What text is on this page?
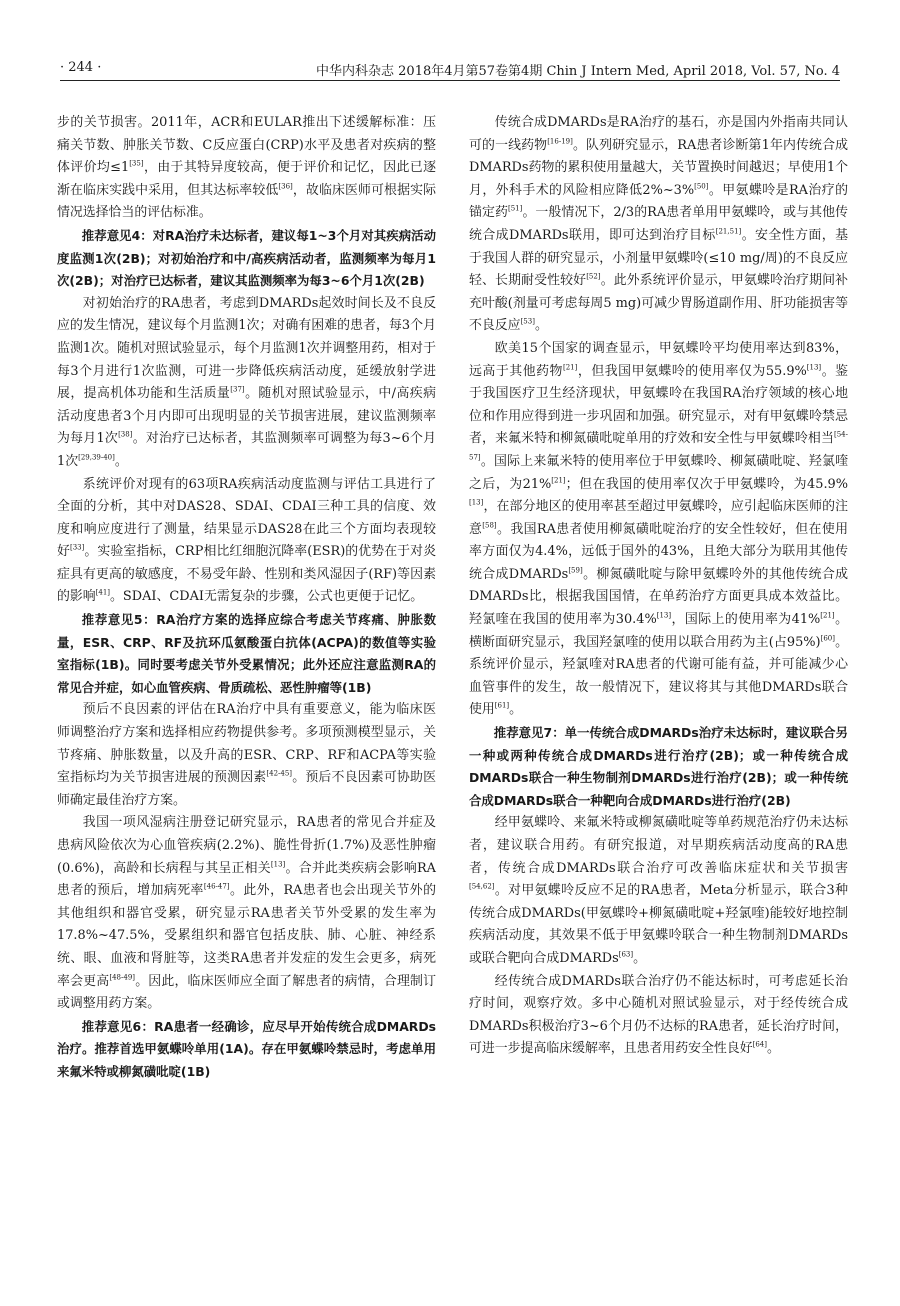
· 244 ·	中华内科杂志 2018年4月第57卷第4期 Chin J Intern Med, April 2018, Vol. 57, No. 4

步的关节损害。2011年，ACR和EULAR推出下述缓解标准：压痛关节数、肿胀关节数、C反应蛋白(CRP)水平及患者对疾病的整体评价均≤1[35]，由于其特异度较高，便于评价和记忆，因此已逐渐在临床实践中采用，但其达标率较低[36]，故临床医师可根据实际情况选择恰当的评估标准。

推荐意见4：对RA治疗未达标者，建议每1~3个月对其疾病活动度监测1次(2B)；对初始治疗和中/高疾病活动者，监测频率为每月1次(2B)；对治疗已达标者，建议其监测频率为每3~6个月1次(2B)

对初始治疗的RA患者，考虑到DMARDs起效时间长及不良反应的发生情况，建议每个月监测1次；对确有困难的患者，每3个月监测1次。随机对照试验显示，每个月监测1次并调整用药，相对于每3个月进行1次监测，可进一步降低疾病活动度，延缓放射学进展，提高机体功能和生活质量[37]。随机对照试验显示，中/高疾病活动度患者3个月内即可出现明显的关节损害进展，建议监测频率为每月1次[38]。对治疗已达标者，其监测频率可调整为每3~6个月1次[29,39-40]。

系统评价对现有的63项RA疾病活动度监测与评估工具进行了全面的分析，其中对DAS28、SDAI、CDAI三种工具的信度、效度和响应度进行了测量，结果显示DAS28在此三个方面均表现较好[33]。实验室指标，CRP相比红细胞沉降率(ESR)的优势在于对炎症具有更高的敏感度，不易受年龄、性别和类风湿因子(RF)等因素的影响[41]。SDAI、CDAI无需复杂的步骤，公式也更便于记忆。

推荐意见5：RA治疗方案的选择应综合考虑关节疼痛、肿胀数量，ESR、CRP、RF及抗环瓜氨酸蛋白抗体(ACPA)的数值等实验室指标(1B)。同时要考虑关节外受累情况；此外还应注意监测RA的常见合并症，如心血管疾病、骨质疏松、恶性肿瘤等(1B)

预后不良因素的评估在RA治疗中具有重要意义，能为临床医师调整治疗方案和选择相应药物提供参考。多项预测模型显示，关节疼痛、肿胀数量，以及升高的ESR、CRP、RF和ACPA等实验室指标均为关节损害进展的预测因素[42-45]。预后不良因素可协助医师确定最佳治疗方案。

我国一项风湿病注册登记研究显示，RA患者的常见合并症及患病风险依次为心血管疾病(2.2%)、脆性骨折(1.7%)及恶性肿瘤(0.6%)，高龄和长病程与其呈正相关[13]。合并此类疾病会影响RA患者的预后，增加病死率[46-47]。此外，RA患者也会出现关节外的其他组织和器官受累，研究显示RA患者关节外受累的发生率为17.8%~47.5%，受累组织和器官包括皮肤、肺、心脏、神经系统、眼、血液和肾脏等，这类RA患者并发症的发生会更多，病死率会更高[48-49]。因此，临床医师应全面了解患者的病情，合理制订或调整用药方案。

推荐意见6：RA患者一经确诊，应尽早开始传统合成DMARDs治疗。推荐首选甲氨蝶呤单用(1A)。存在甲氨蝶呤禁忌时，考虑单用来氟米特或柳氮磺吡啶(1B)

传统合成DMARDs是RA治疗的基石，亦是国内外指南共同认可的一线药物[16-19]。队列研究显示，RA患者诊断第1年内传统合成DMARDs药物的累积使用量越大，关节置换时间越迟；早使用1个月，外科手术的风险相应降低2%~3%[50]。甲氨蝶呤是RA治疗的锚定药[51]。一般情况下，2/3的RA患者单用甲氨蝶呤，或与其他传统合成DMARDs联用，即可达到治疗目标[21,51]。安全性方面，基于我国人群的研究显示，小剂量甲氨蝶呤(≤10 mg/周)的不良反应轻、长期耐受性较好[52]。此外系统评价显示，甲氨蝶呤治疗期间补充叶酸(剂量可考虑每周5 mg)可减少胃肠道副作用、肝功能损害等不良反应[53]。

欧美15个国家的调查显示，甲氨蝶呤平均使用率达到83%，远高于其他药物[21]，但我国甲氨蝶呤的使用率仅为55.9%[13]。鉴于我国医疗卫生经济现状，甲氨蝶呤在我国RA治疗领域的核心地位和作用应得到进一步巩固和加强。研究显示，对有甲氨蝶呤禁忌者，来氟米特和柳氮磺吡啶单用的疗效和安全性与甲氨蝶呤相当[54-57]。国际上来氟米特的使用率位于甲氨蝶呤、柳氮磺吡啶、羟氯喹之后，为21%[21]；但在我国的使用率仅次于甲氨蝶呤，为45.9%[13]，在部分地区的使用率甚至超过甲氨蝶呤，应引起临床医师的注意[58]。我国RA患者使用柳氮磺吡啶治疗的安全性较好，但在使用率方面仅为4.4%，远低于国外的43%，且绝大部分为联用其他传统合成DMARDs[59]。柳氮磺吡啶与除甲氨蝶呤外的其他传统合成DMARDs比，根据我国国情，在单药治疗方面更具成本效益比。羟氯喹在我国的使用率为30.4%[13]，国际上的使用率为41%[21]。横断面研究显示，我国羟氯喹的使用以联合用药为主(占95%)[60]。系统评价显示，羟氯喹对RA患者的代谢可能有益，并可能减少心血管事件的发生，故一般情况下，建议将其与其他DMARDs联合使用[61]。

推荐意见7：单一传统合成DMARDs治疗未达标时，建议联合另一种或两种传统合成DMARDs进行治疗(2B)；或一种传统合成DMARDs联合一种生物制剂DMARDs进行治疗(2B)；或一种传统合成DMARDs联合一种靶向合成DMARDs进行治疗(2B)

经甲氨蝶呤、来氟米特或柳氮磺吡啶等单药规范治疗仍未达标者，建议联合用药。有研究报道，对早期疾病活动度高的RA患者，传统合成DMARDs联合治疗可改善临床症状和关节损害[54,62]。对甲氨蝶呤反应不足的RA患者，Meta分析显示，联合3种传统合成DMARDs(甲氨蝶呤+柳氮磺吡啶+羟氯喹)能较好地控制疾病活动度，其效果不低于甲氨蝶呤联合一种生物制剂DMARDs或联合靶向合成DMARDs[63]。

经传统合成DMARDs联合治疗仍不能达标时，可考虑延长治疗时间，观察疗效。多中心随机对照试验显示，对于经传统合成DMARDs积极治疗3~6个月仍不达标的RA患者，延长治疗时间，可进一步提高临床缓解率，且患者用药安全性良好[64]。
